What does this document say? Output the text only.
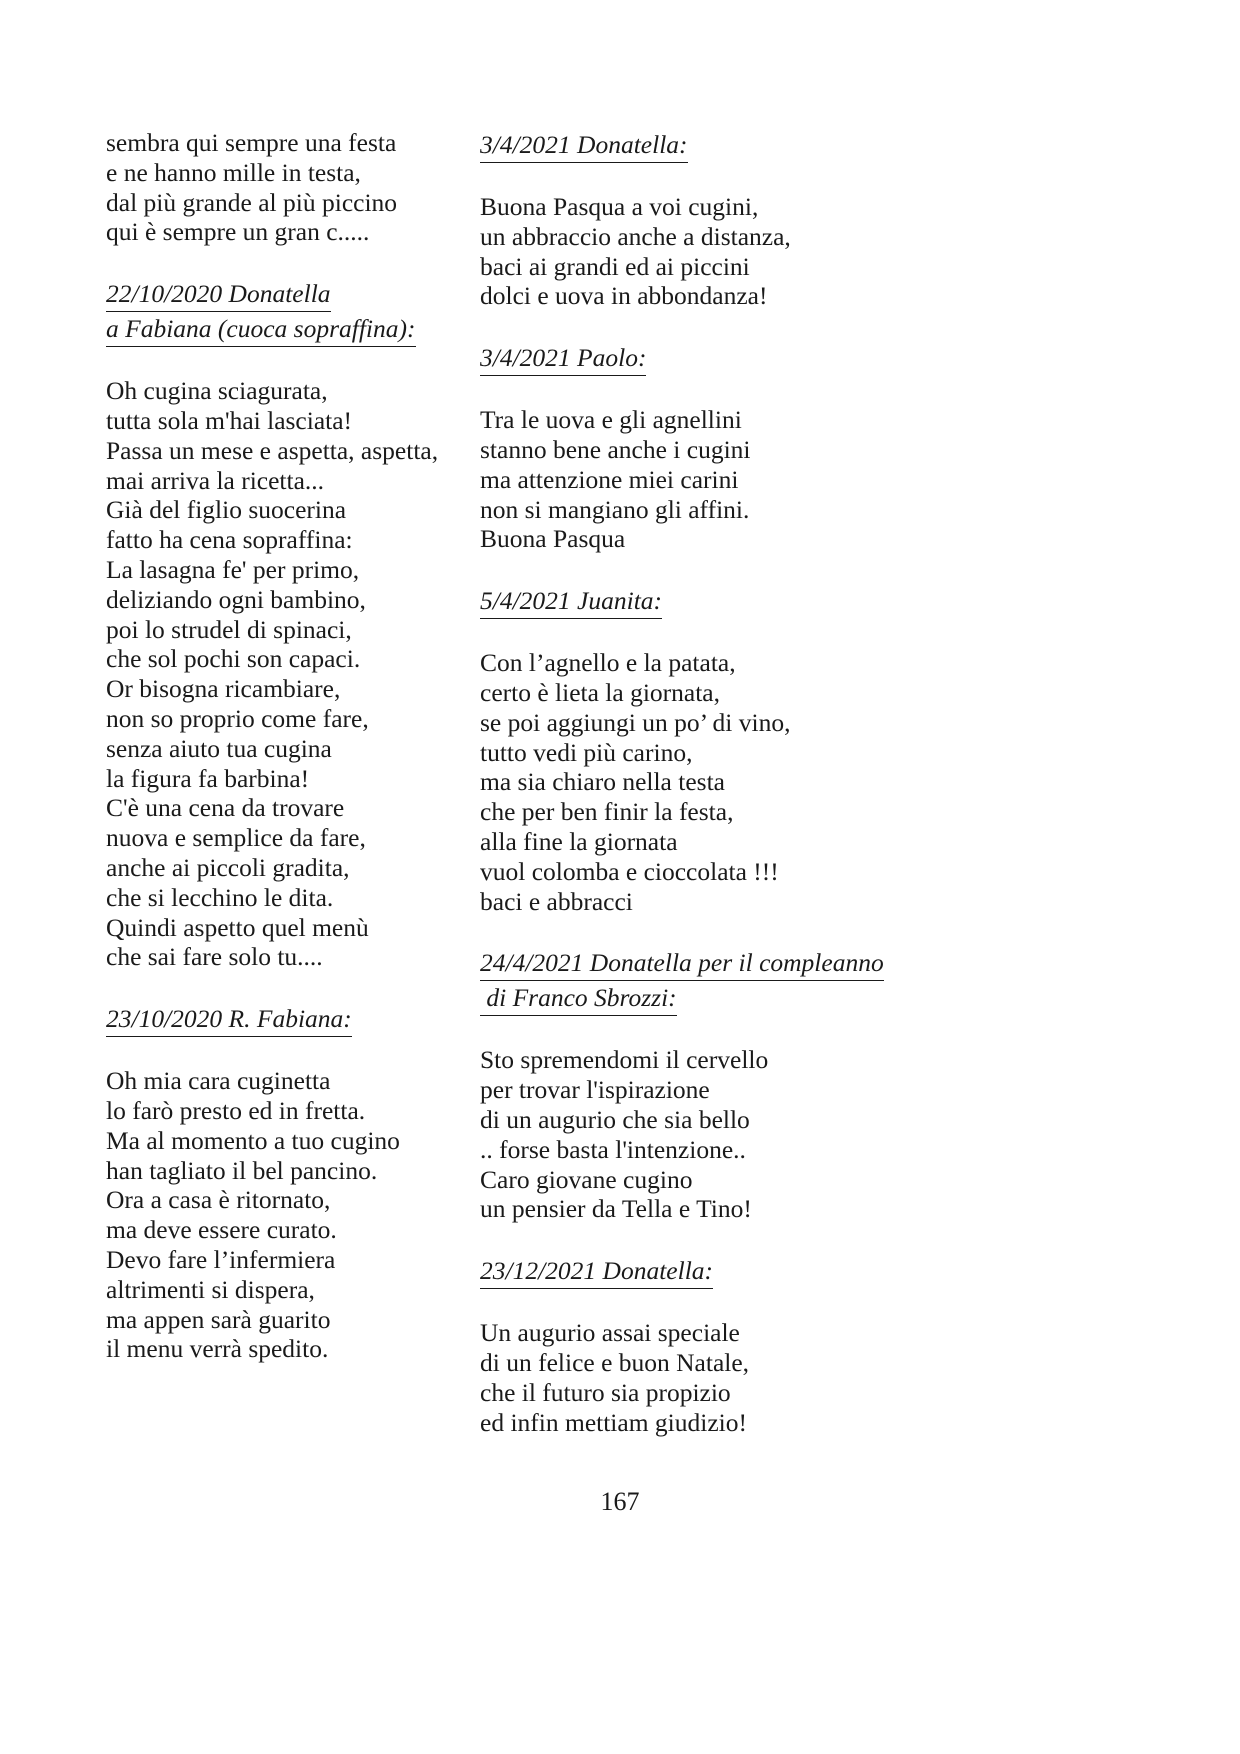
sembra qui sempre una festa
e ne hanno mille in testa,
dal più grande al più piccino
qui è sempre un gran c.....
22/10/2020 Donatella
a Fabiana (cuoca sopraffina):
Oh cugina sciagurata,
tutta sola m'hai lasciata!
Passa un mese e aspetta, aspetta,
mai arriva la ricetta...
Già del figlio suocerina
fatto ha cena sopraffina:
La lasagna fe' per primo,
deliziando ogni bambino,
poi lo strudel di spinaci,
che sol pochi son capaci.
Or bisogna ricambiare,
non so proprio come fare,
senza aiuto tua cugina
la figura fa barbina!
C'è una cena da trovare
nuova e semplice da fare,
anche ai piccoli gradita,
che si lecchino le dita.
Quindi aspetto quel menù
che sai fare solo tu....
23/10/2020 R. Fabiana:
Oh mia cara cuginetta
lo farò presto ed in fretta.
Ma al momento a tuo cugino
han tagliato il bel pancino.
Ora a casa è ritornato,
ma deve essere curato.
Devo fare l’infermiera
altrimenti si dispera,
ma appen sarà guarito
il menu verrà spedito.
3/4/2021 Donatella:
Buona Pasqua a voi cugini,
un abbraccio anche a distanza,
baci ai grandi ed ai piccini
dolci e uova in abbondanza!
3/4/2021 Paolo:
Tra le uova e gli agnellini
stanno bene anche i cugini
ma attenzione miei carini
non si mangiano gli affini.
Buona Pasqua
5/4/2021 Juanita:
Con l’agnello e la patata,
certo è lieta la giornata,
se poi aggiungi un po’ di vino,
tutto vedi più carino,
ma sia chiaro nella testa
che per ben finir la festa,
alla fine la giornata
vuol colomba e cioccolata !!!
baci e abbracci
24/4/2021 Donatella per il compleanno
di Franco Sbrozzi:
Sto spremendomi il cervello
per trovar l'ispirazione
di un augurio che sia bello
.. forse basta l'intenzione..
Caro giovane cugino
un pensier da Tella e Tino!
23/12/2021 Donatella:
Un augurio assai speciale
di un felice e buon Natale,
che il futuro sia propizio
ed infin mettiam giudizio!
167
